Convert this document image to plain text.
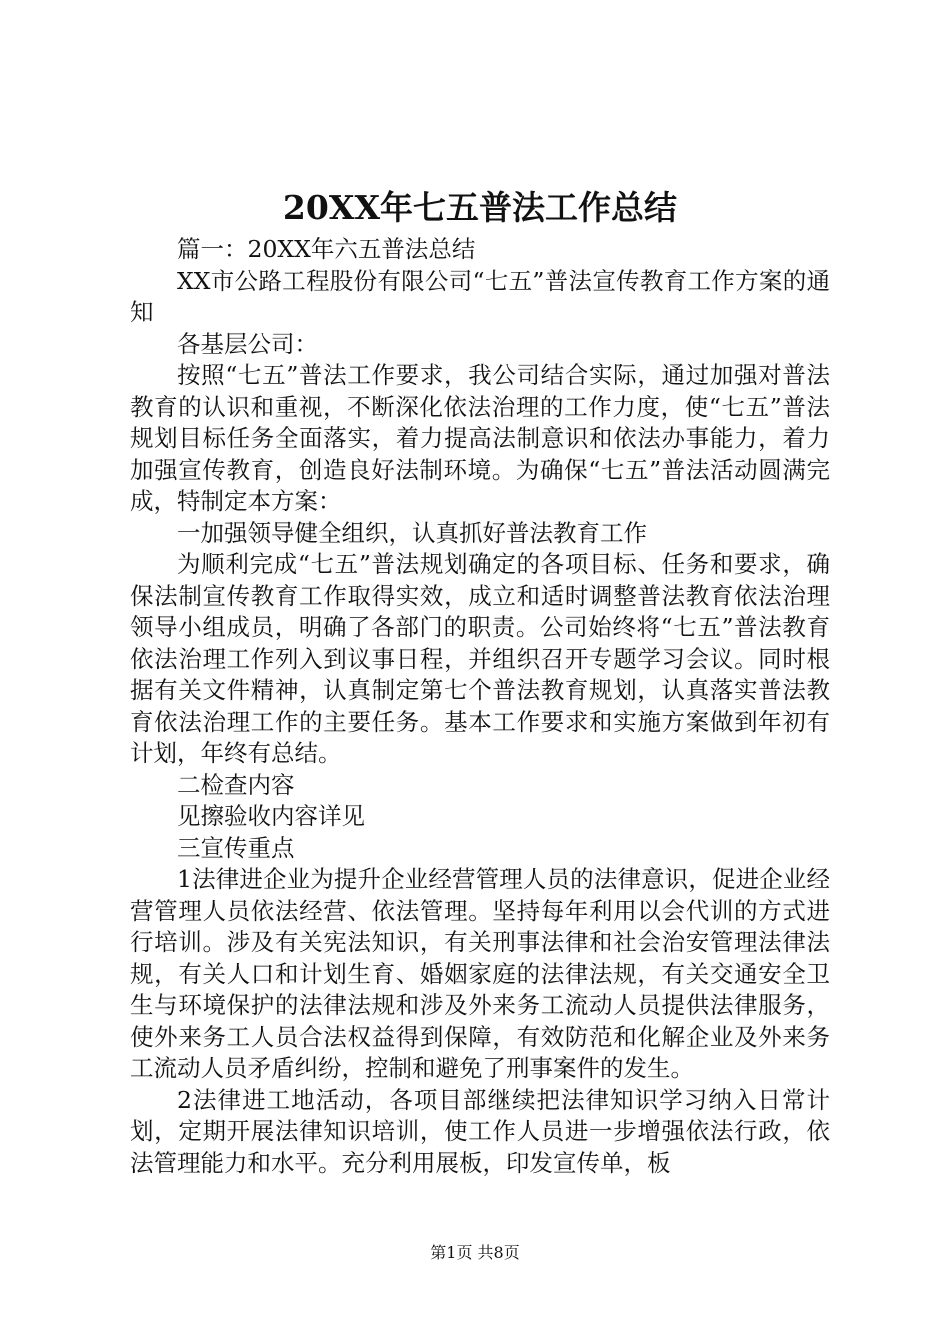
20XX年七五普法工作总结

篇一：20XX年六五普法总结

XX市公路工程股份有限公司“七五”普法宣传教育工作方案的通知

各基层公司：

按照“七五”普法工作要求，我公司结合实际，通过加强对普法教育的认识和重视，不断深化依法治理的工作力度，使“七五”普法规划目标任务全面落实，着力提高法制意识和依法办事能力，着力加强宣传教育，创造良好法制环境。为确保“七五”普法活动圆满完成，特制定本方案：

一加强领导健全组织，认真抓好普法教育工作

为顺利完成“七五”普法规划确定的各项目标、任务和要求，确保法制宣传教育工作取得实效，成立和适时调整普法教育依法治理领导小组成员，明确了各部门的职责。公司始终将“七五”普法教育依法治理工作列入到议事日程，并组织召开专题学习会议。同时根据有关文件精神，认真制定第七个普法教育规划，认真落实普法教育依法治理工作的主要任务。基本工作要求和实施方案做到年初有计划，年终有总结。

二检查内容

见擦验收内容详见

三宣传重点

1法律进企业为提升企业经营管理人员的法律意识，促进企业经营管理人员依法经营、依法管理。坚持每年利用以会代训的方式进行培训。涉及有关宪法知识，有关刑事法律和社会治安管理法律法规，有关人口和计划生育、婚姻家庭的法律法规，有关交通安全卫生与环境保护的法律法规和涉及外来务工流动人员提供法律服务，使外来务工人员合法权益得到保障，有效防范和化解企业及外来务工流动人员矛盾纠纷，控制和避免了刑事案件的发生。

2法律进工地活动，各项目部继续把法律知识学习纳入日常计划，定期开展法律知识培训，使工作人员进一步增强依法行政，依法管理能力和水平。充分利用展板，印发宣传单，板

第1页 共8页
